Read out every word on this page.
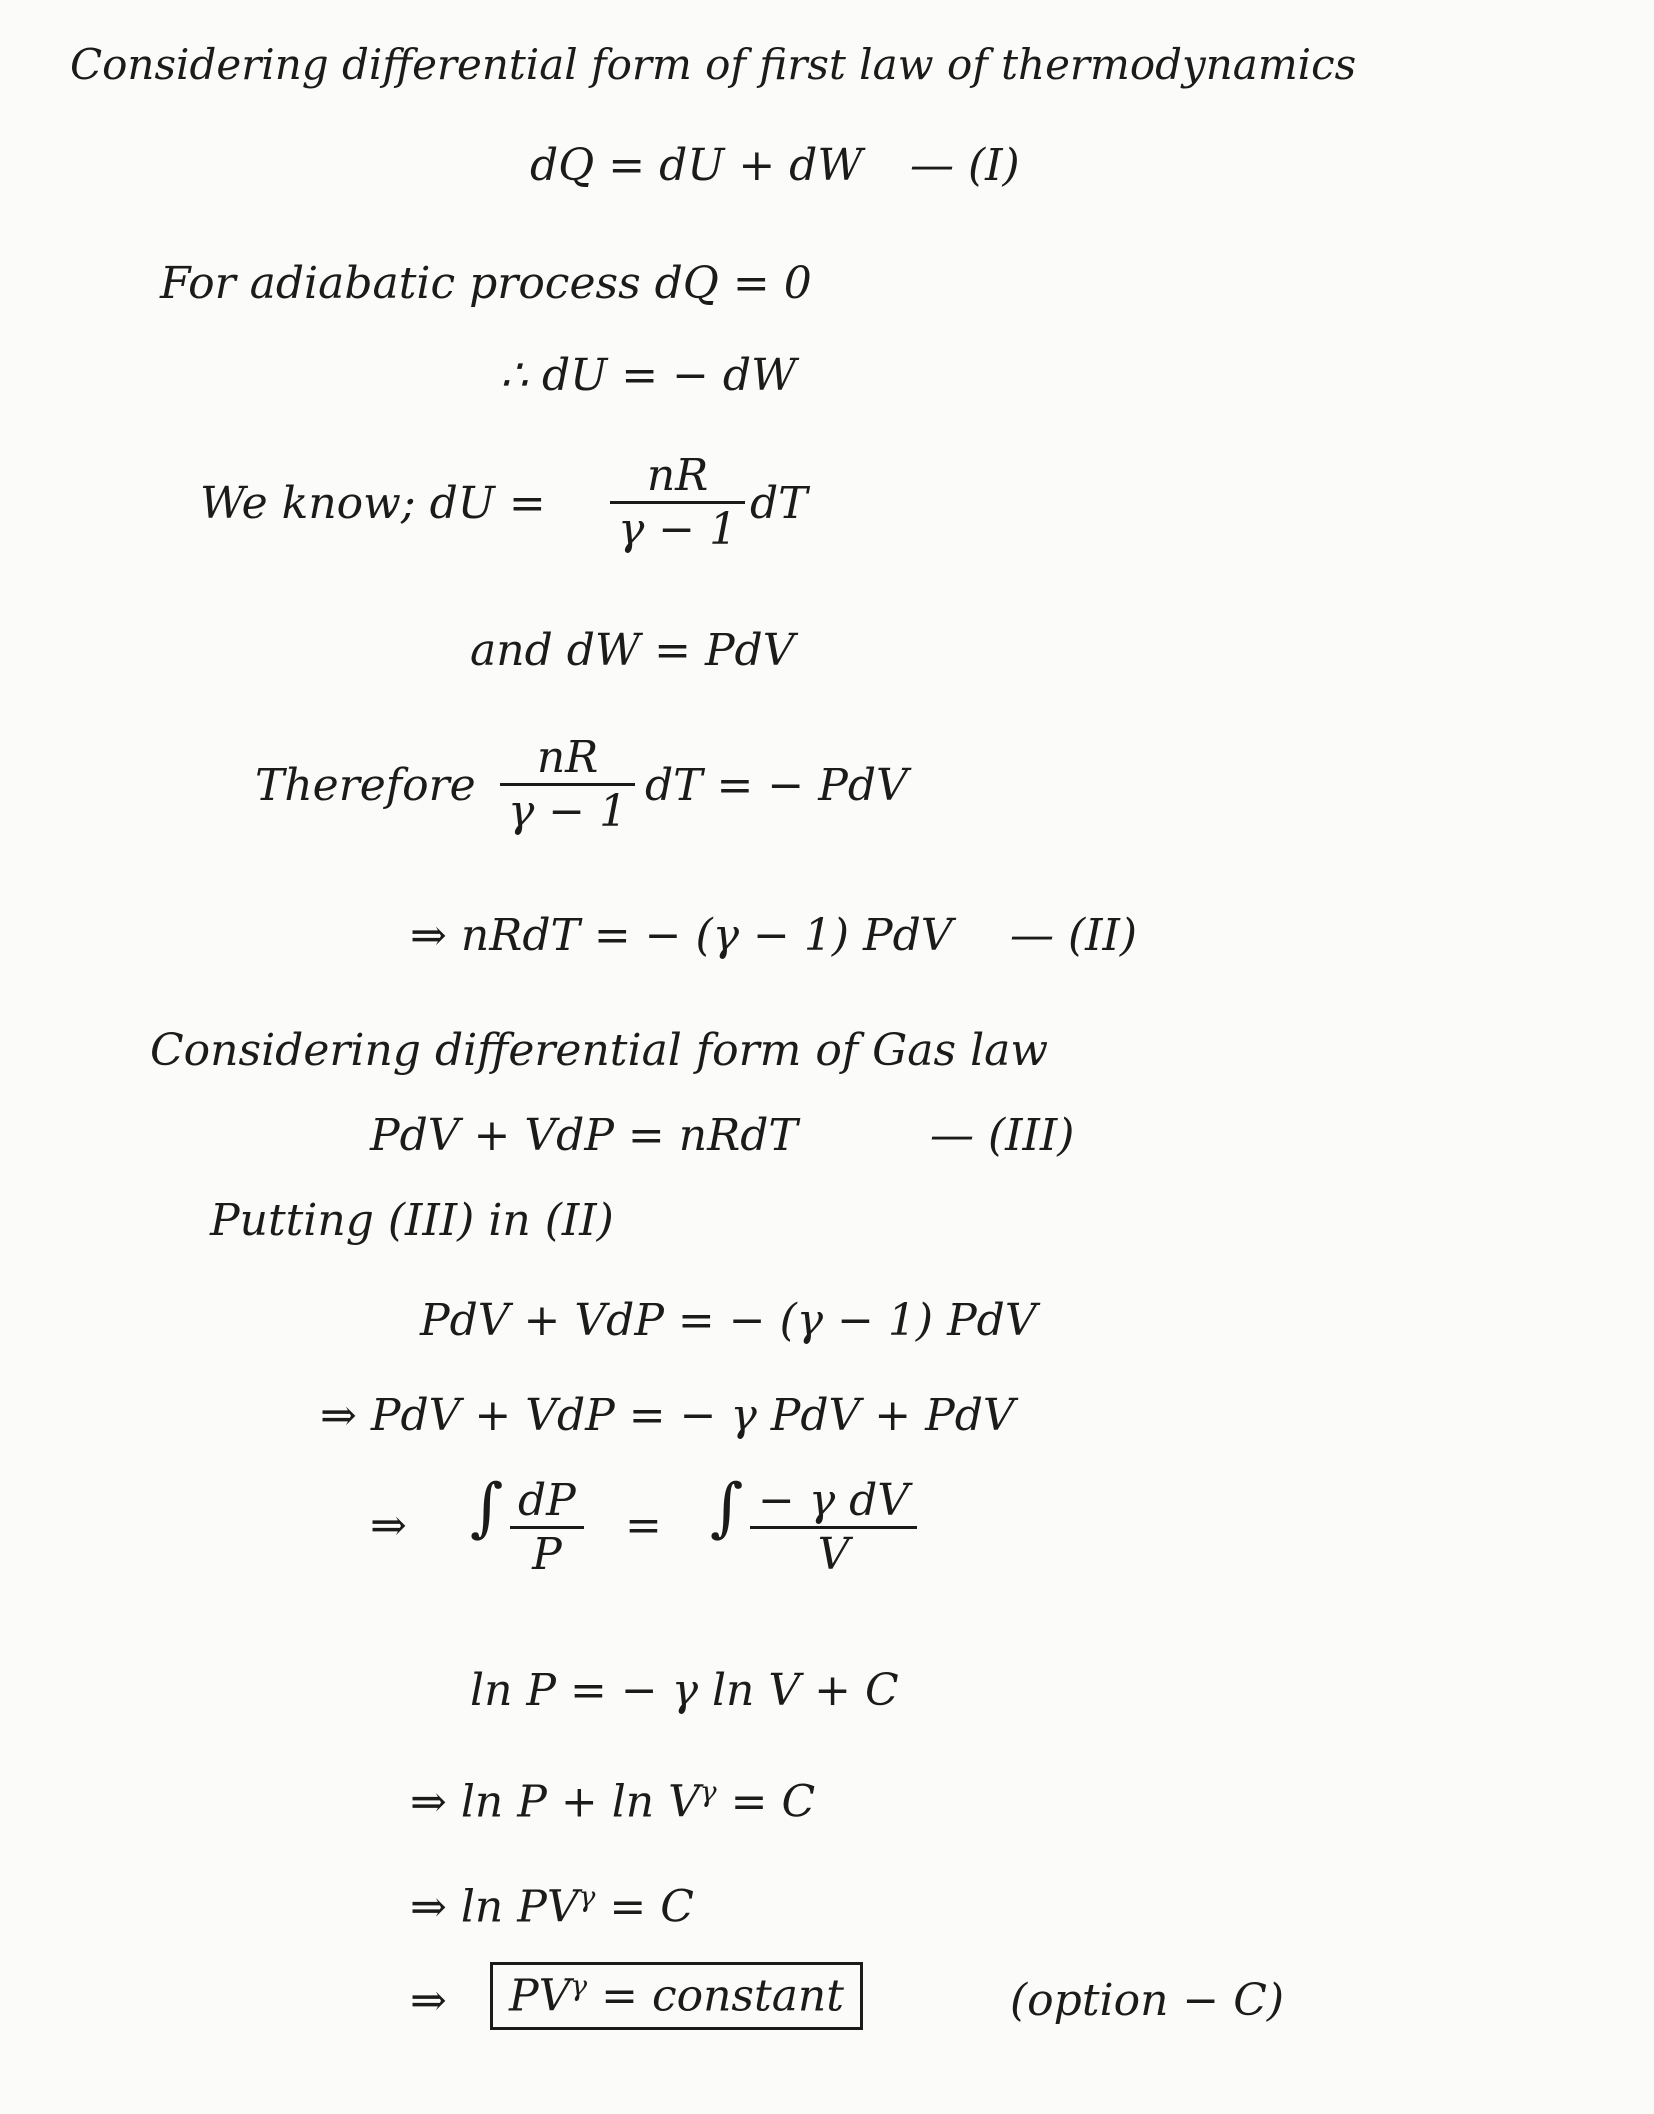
Considering differential form of first law of thermodynamics
dQ = dU + dW — (I)
For adiabatic process dQ = 0
∴ dU = − dW
We know; dU = $\frac{nR}{\gamma - 1}$ dT
and dW = PdV
Therefore $\frac{nR}{\gamma - 1}$ dT = − PdV
⇒ nRdT = − (γ − 1) PdV — (II)
Considering differential form of Gas law
PdV + VdP = nRdT	— (III)
Putting (III) in (II)
PdV + VdP = − (γ − 1) PdV
⇒ PdV + VdP = − γ PdV + PdV
⇒ ∫ $\frac{dP}{P}$ = ∫ $\frac{\text{− γ dV}}{V}$
ln P = − γ ln V + C
⇒ $\ln P + \ln V^\gamma = C$
⇒ $\ln PV^\gamma = C$
⇒	$PV^\gamma$ = constant	(option − C)
